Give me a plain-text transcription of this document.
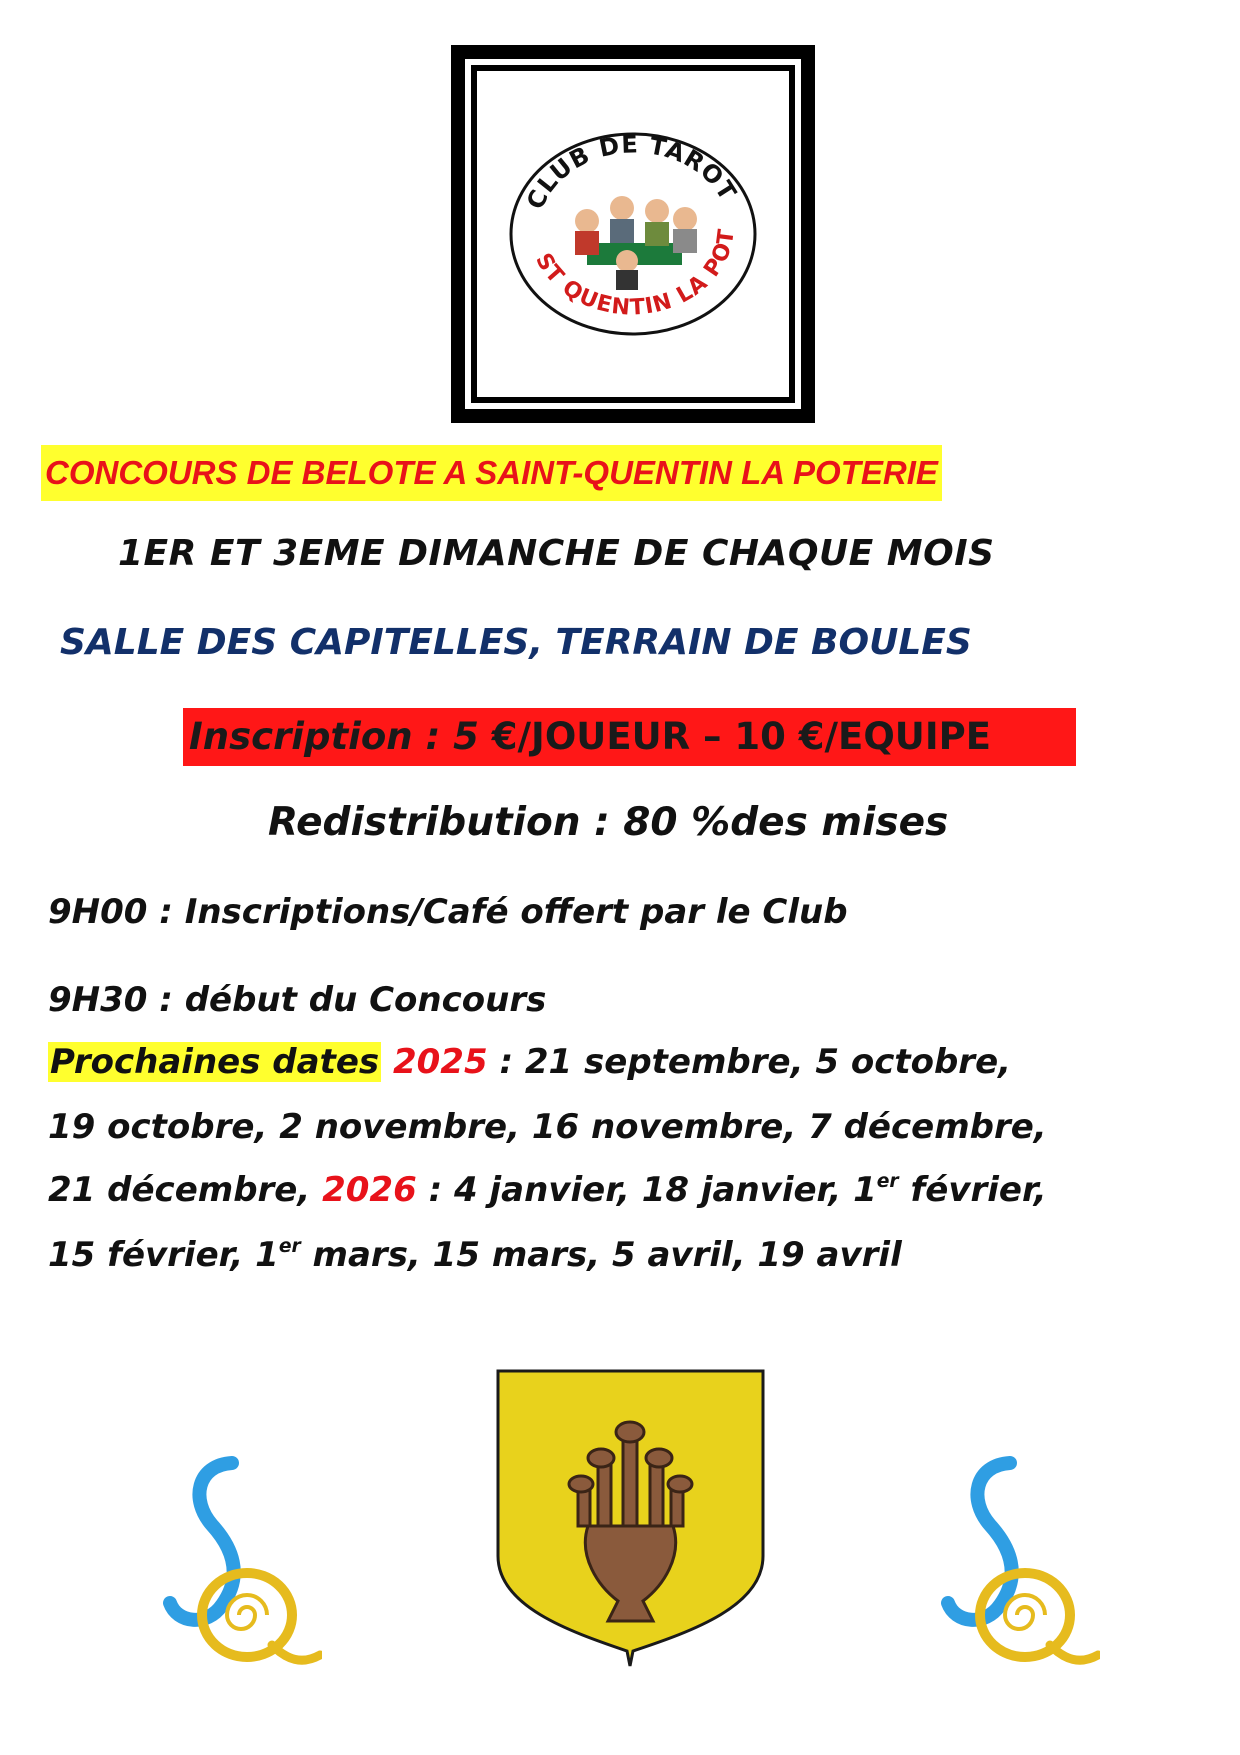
CLUB DE TAROT
ST QUENTIN LA POT
CONCOURS DE BELOTE A SAINT-QUENTIN LA POTERIE
1ER ET 3EME DIMANCHE DE CHAQUE MOIS
SALLE DES CAPITELLES, TERRAIN DE BOULES
Inscription : 5 €/JOUEUR – 10 €/EQUIPE
Redistribution : 80 %des mises
9H00 : Inscriptions/Café offert par le Club
9H30 : début du Concours
Prochaines dates 2025 : 21 septembre, 5 octobre,
19 octobre, 2 novembre, 16 novembre, 7 décembre,
21 décembre, 2026 : 4 janvier, 18 janvier, 1er février,
15 février, 1er mars, 15 mars, 5 avril, 19 avril
